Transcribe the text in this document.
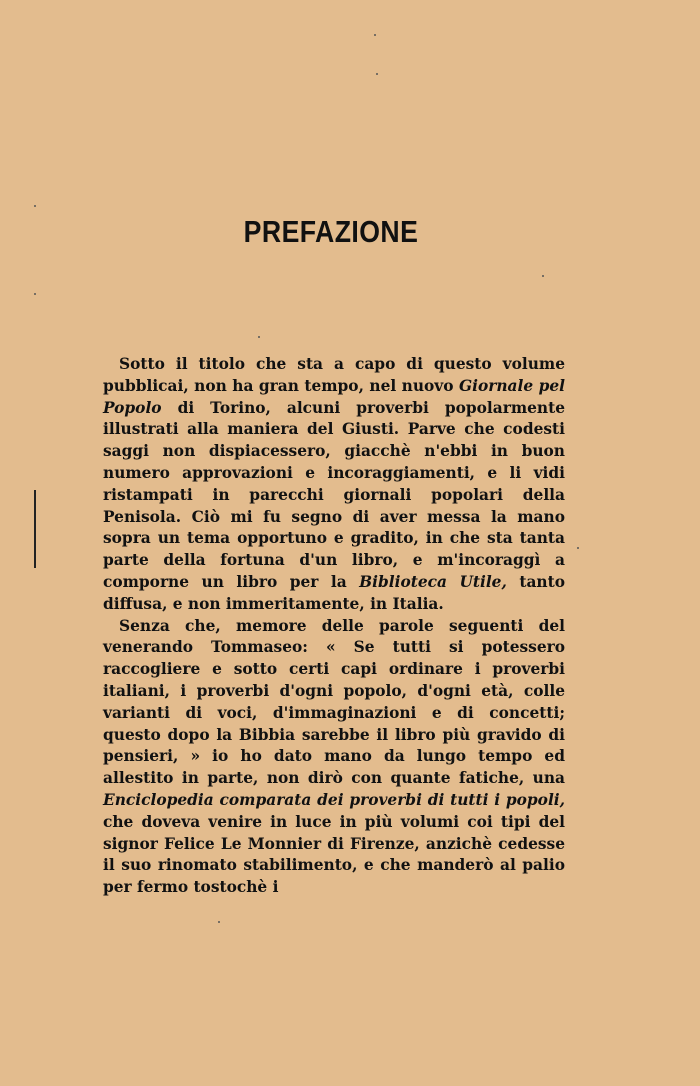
PREFAZIONE

Sotto il titolo che sta a capo di questo volume pubblicai, non ha gran tempo, nel nuovo Giornale pel Popolo di Torino, alcuni proverbi popolarmente illustrati alla maniera del Giusti. Parve che codesti saggi non dispiacessero, giacchè n'ebbi in buon numero approvazioni e incoraggiamenti, e li vidi ristampati in parecchi giornali popolari della Penisola. Ciò mi fu segno di aver messa la mano sopra un tema opportuno e gradito, in che sta tanta parte della fortuna d'un libro, e m'incoraggì a comporne un libro per la Biblioteca Utile, tanto diffusa, e non immeritamente, in Italia.

Senza che, memore delle parole seguenti del venerando Tommaseo: « Se tutti si potessero raccogliere e sotto certi capi ordinare i proverbi italiani, i proverbi d'ogni popolo, d'ogni età, colle varianti di voci, d'immaginazioni e di concetti; questo dopo la Bibbia sarebbe il libro più gravido di pensieri, » io ho dato mano da lungo tempo ed allestito in parte, non dirò con quante fatiche, una Enciclopedia comparata dei proverbi di tutti i popoli, che doveva venire in luce in più volumi coi tipi del signor Felice Le Monnier di Firenze, anzichè cedesse il suo rinomato stabilimento, e che manderò al palio per fermo tostochè i
